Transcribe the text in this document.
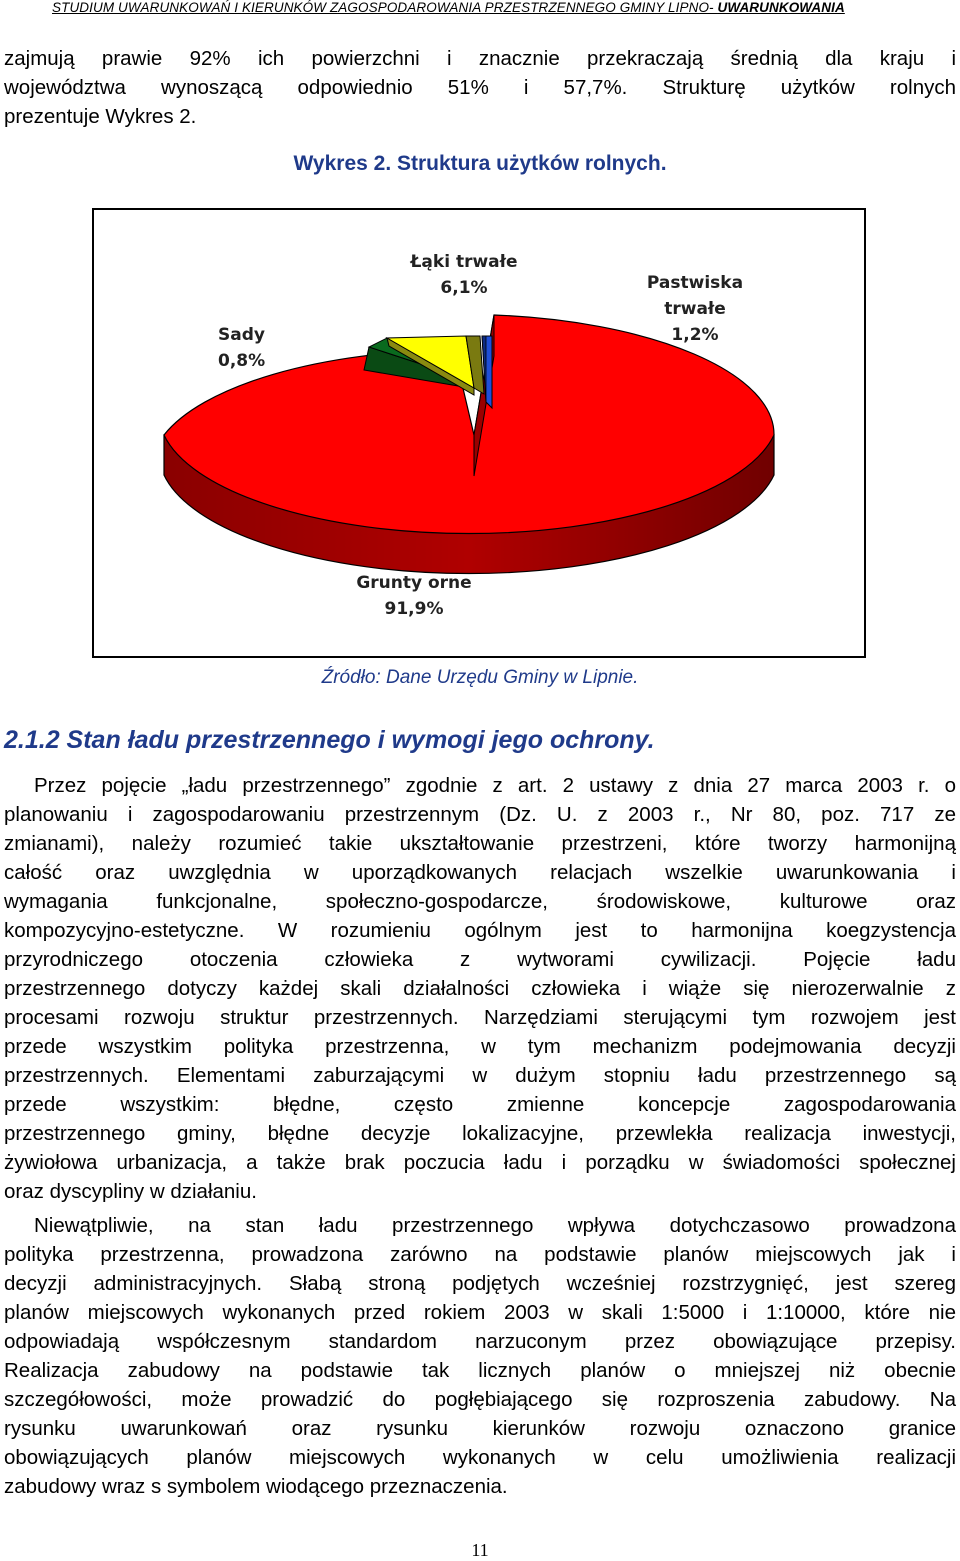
STUDIUM UWARUNKOWAŃ I KIERUNKÓW ZAGOSPODAROWANIA PRZESTRZENNEGO GMINY LIPNO- UWARUNKOWANIA
zajmują prawie 92% ich powierzchni i znacznie przekraczają średnią dla kraju i
województwa wynoszącą odpowiednio 51% i 57,7%. Strukturę użytków rolnych
prezentuje Wykres 2.
Wykres 2. Struktura użytków rolnych.
Sady
0,8%
Łąki trwałe
6,1%	Pastwiska
trwałe
1,2%
Grunty orne
91,9%
Źródło: Dane Urzędu Gminy w Lipnie.
2.1.2 Stan ładu przestrzennego i wymogi jego ochrony.
Przez pojęcie „ładu przestrzennego” zgodnie z art. 2 ustawy z dnia 27 marca 2003 r. o
planowaniu i zagospodarowaniu przestrzennym (Dz. U. z 2003 r., Nr 80, poz. 717 ze
zmianami), należy rozumieć takie ukształtowanie przestrzeni, które tworzy harmonijną
całość oraz uwzględnia w uporządkowanych relacjach wszelkie uwarunkowania i
wymagania funkcjonalne, społeczno-gospodarcze, środowiskowe, kulturowe oraz
kompozycyjno-estetyczne. W rozumieniu ogólnym jest to harmonijna koegzystencja
przyrodniczego otoczenia człowieka z wytworami cywilizacji. Pojęcie ładu
przestrzennego dotyczy każdej skali działalności człowieka i wiąże się nierozerwalnie z
procesami rozwoju struktur przestrzennych. Narzędziami sterującymi tym rozwojem jest
przede wszystkim polityka przestrzenna, w tym mechanizm podejmowania decyzji
przestrzennych. Elementami zaburzającymi w dużym stopniu ładu przestrzennego są
przede wszystkim: błędne, często zmienne koncepcje zagospodarowania
przestrzennego gminy, błędne decyzje lokalizacyjne, przewlekła realizacja inwestycji,
żywiołowa urbanizacja, a także brak poczucia ładu i porządku w świadomości społecznej
oraz dyscypliny w działaniu.
Niewątpliwie, na stan ładu przestrzennego wpływa dotychczasowo prowadzona
polityka przestrzenna, prowadzona zarówno na podstawie planów miejscowych jak i
decyzji administracyjnych. Słabą stroną podjętych wcześniej rozstrzygnięć, jest szereg
planów miejscowych wykonanych przed rokiem 2003 w skali 1:5000 i 1:10000, które nie
odpowiadają współczesnym standardom narzuconym przez obowiązujące przepisy.
Realizacja zabudowy na podstawie tak licznych planów o mniejszej niż obecnie
szczegółowości, może prowadzić do pogłębiającego się rozproszenia zabudowy. Na
rysunku uwarunkowań oraz rysunku kierunków rozwoju oznaczono granice
obowiązujących planów miejscowych wykonanych w celu umożliwienia realizacji
zabudowy wraz s symbolem wiodącego przeznaczenia.
11
